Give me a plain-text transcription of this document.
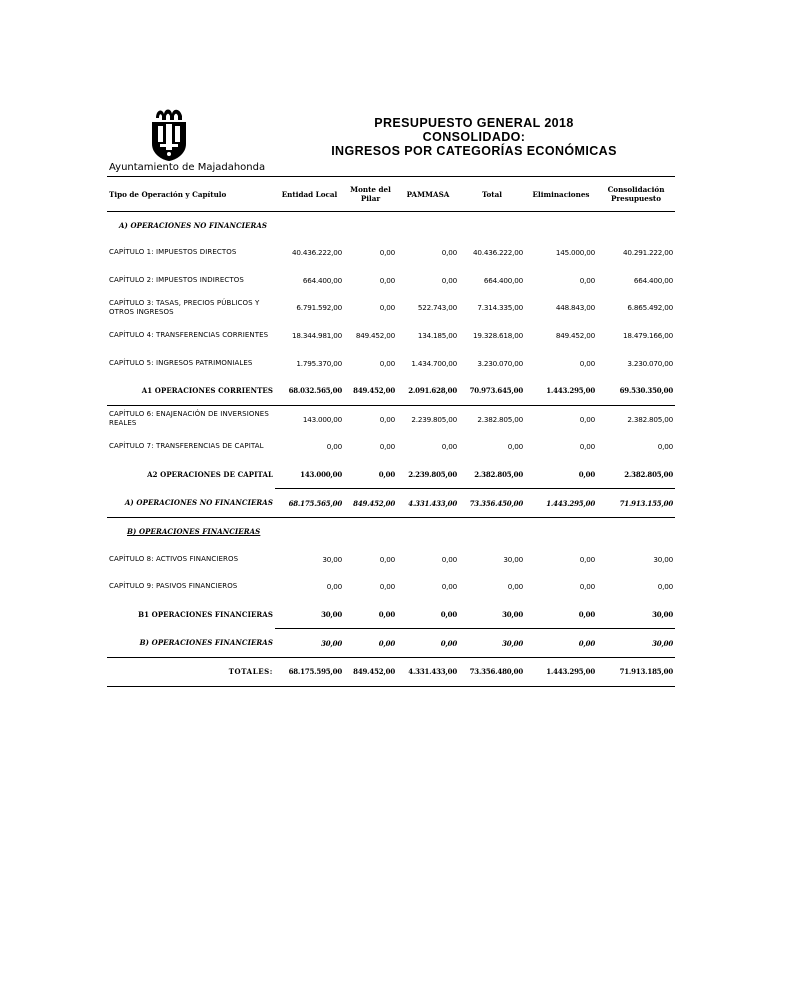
Ayuntamiento de Majadahonda
PRESUPUESTO GENERAL 2018
CONSOLIDADO:
INGRESOS POR CATEGORÍAS ECONÓMICAS
Tipo de Operación y Capítulo	Entidad Local	Monte del Pilar	PAMMASA	Total	Eliminaciones	Consolidación Presupuesto
A) OPERACIONES NO FINANCIERAS						
CAPÍTULO 1: IMPUESTOS DIRECTOS	40.436.222,00	0,00	0,00	40.436.222,00	145.000,00	40.291.222,00
CAPÍTULO 2: IMPUESTOS INDIRECTOS	664.400,00	0,00	0,00	664.400,00	0,00	664.400,00
CAPÍTULO 3: TASAS, PRECIOS PÚBLICOS Y OTROS INGRESOS	6.791.592,00	0,00	522.743,00	7.314.335,00	448.843,00	6.865.492,00
CAPÍTULO 4: TRANSFERENCIAS CORRIENTES	18.344.981,00	849.452,00	134.185,00	19.328.618,00	849.452,00	18.479.166,00
CAPÍTULO 5: INGRESOS PATRIMONIALES	1.795.370,00	0,00	1.434.700,00	3.230.070,00	0,00	3.230.070,00
A1 OPERACIONES CORRIENTES	68.032.565,00	849.452,00	2.091.628,00	70.973.645,00	1.443.295,00	69.530.350,00
CAPÍTULO 6: ENAJENACIÓN DE INVERSIONES REALES	143.000,00	0,00	2.239.805,00	2.382.805,00	0,00	2.382.805,00
CAPÍTULO 7: TRANSFERENCIAS DE CAPITAL	0,00	0,00	0,00	0,00	0,00	0,00
A2 OPERACIONES DE CAPITAL	143.000,00	0,00	2.239.805,00	2.382.805,00	0,00	2.382.805,00
A) OPERACIONES NO FINANCIERAS	68.175.565,00	849.452,00	4.331.433,00	73.356.450,00	1.443.295,00	71.913.155,00
B) OPERACIONES FINANCIERAS						
CAPÍTULO 8: ACTIVOS FINANCIEROS	30,00	0,00	0,00	30,00	0,00	30,00
CAPÍTULO 9: PASIVOS FINANCIEROS	0,00	0,00	0,00	0,00	0,00	0,00
B1 OPERACIONES FINANCIERAS	30,00	0,00	0,00	30,00	0,00	30,00
B) OPERACIONES FINANCIERAS	30,00	0,00	0,00	30,00	0,00	30,00
TOTALES:	68.175.595,00	849.452,00	4.331.433,00	73.356.480,00	1.443.295,00	71.913.185,00
